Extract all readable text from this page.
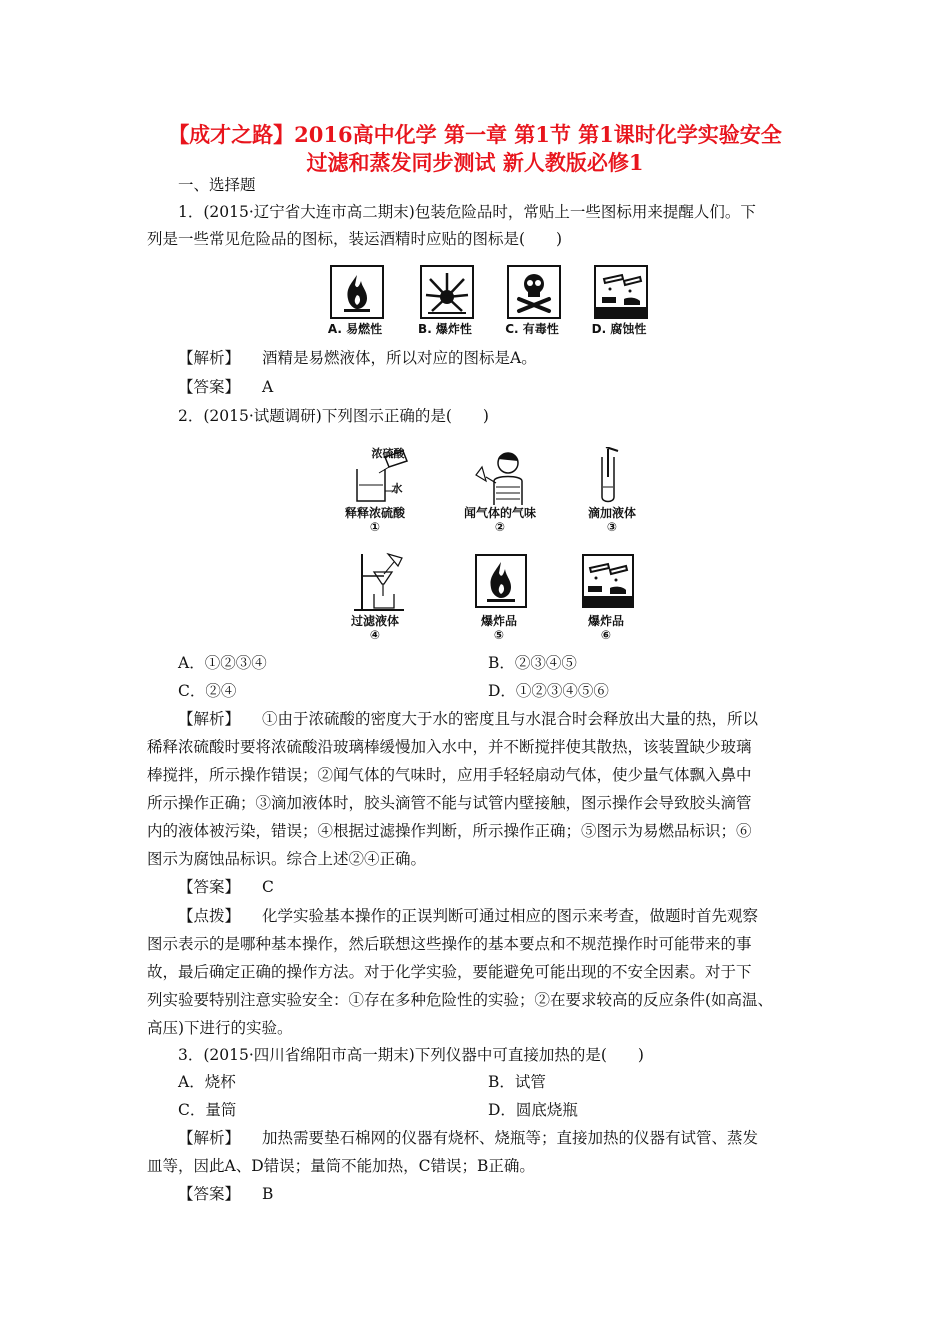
【成才之路】2016高中化学 第一章 第1节 第1课时化学实验安全
过滤和蒸发同步测试 新人教版必修1
一、选择题
1．(2015·辽宁省大连市高二期末)包装危险品时，常贴上一些图标用来提醒人们。下
列是一些常见危险品的图标，装运酒精时应贴的图标是(　　)
A. 易燃性	B. 爆炸性	C. 有毒性	D. 腐蚀性
【解析】 酒精是易燃液体，所以对应的图标是A。
【答案】 A
2．(2015·试题调研)下列图示正确的是(　　)
浓硫酸
水
释释浓硫酸
①
闻气体的气味
②
滴加液体
③
过滤液体
④
爆炸品
⑤
爆炸品
⑥
A．①②③④	B．②③④⑤
C．②④	D．①②③④⑤⑥
【解析】 ①由于浓硫酸的密度大于水的密度且与水混合时会释放出大量的热，所以
稀释浓硫酸时要将浓硫酸沿玻璃棒缓慢加入水中，并不断搅拌使其散热，该装置缺少玻璃
棒搅拌，所示操作错误；②闻气体的气味时，应用手轻轻扇动气体，使少量气体飘入鼻中
所示操作正确；③滴加液体时，胶头滴管不能与试管内壁接触，图示操作会导致胶头滴管
内的液体被污染，错误；④根据过滤操作判断，所示操作正确；⑤图示为易燃品标识；⑥
图示为腐蚀品标识。综合上述②④正确。
【答案】 C
【点拨】 化学实验基本操作的正误判断可通过相应的图示来考查，做题时首先观察
图示表示的是哪种基本操作，然后联想这些操作的基本要点和不规范操作时可能带来的事
故，最后确定正确的操作方法。对于化学实验，要能避免可能出现的不安全因素。对于下
列实验要特别注意实验安全：①存在多种危险性的实验；②在要求较高的反应条件(如高温、
高压)下进行的实验。
3．(2015·四川省绵阳市高一期末)下列仪器中可直接加热的是(　　)
A．烧杯	B．试管
C．量筒	D．圆底烧瓶
【解析】 加热需要垫石棉网的仪器有烧杯、烧瓶等；直接加热的仪器有试管、蒸发
皿等，因此A、D错误；量筒不能加热，C错误；B正确。
【答案】 B
